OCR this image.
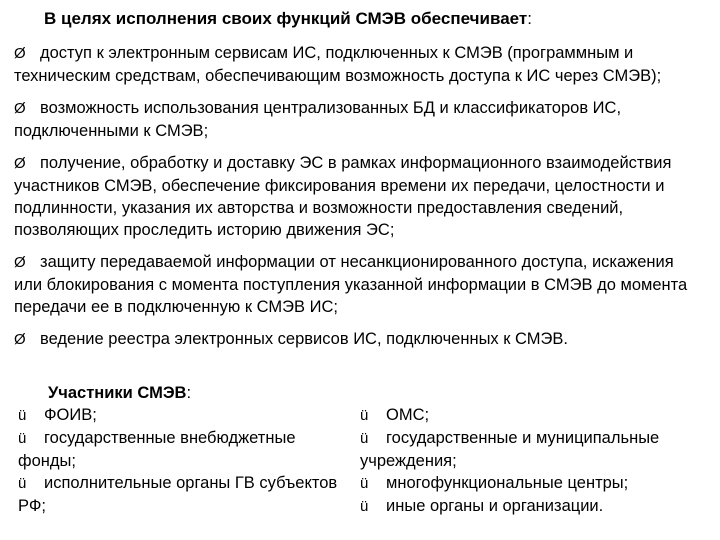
В целях исполнения своих функций СМЭВ обеспечивает:
Ø доступ к электронным сервисам ИС, подключенных к СМЭВ (программным и техническим средствам, обеспечивающим возможность доступа к ИС через СМЭВ);
Ø возможность использования централизованных БД и классификаторов ИС, подключенными к СМЭВ;
Ø получение, обработку и доставку ЭС в рамках информационного взаимодействия участников СМЭВ, обеспечение фиксирования времени их передачи, целостности и подлинности, указания их авторства и возможности предоставления сведений, позволяющих проследить историю движения ЭС;
Ø защиту передаваемой информации от несанкционированного доступа, искажения или блокирования с момента поступления указанной информации в СМЭВ до момента передачи ее в подключенную к СМЭВ ИС;
Ø ведение реестра электронных сервисов ИС, подключенных к СМЭВ.
Участники СМЭВ:
ü ФОИВ;
ü государственные внебюджетные фонды;
ü исполнительные органы ГВ субъектов РФ;
ü ОМС;
ü государственные и муниципальные учреждения;
ü многофункциональные центры;
ü иные органы и организации.
